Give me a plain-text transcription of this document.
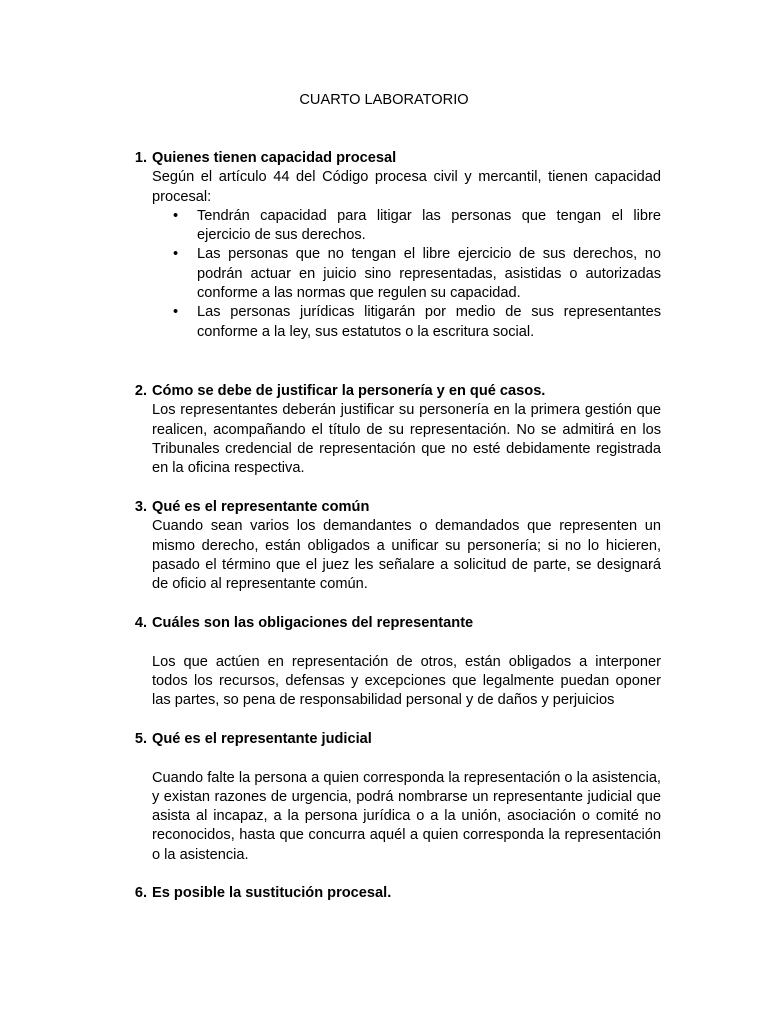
CUARTO LABORATORIO
1. Quienes tienen capacidad procesal
Según el artículo 44 del Código procesa civil y mercantil, tienen capacidad procesal:
• Tendrán capacidad para litigar las personas que tengan el libre ejercicio de sus derechos.
• Las personas que no tengan el libre ejercicio de sus derechos, no podrán actuar en juicio sino representadas, asistidas o autorizadas conforme a las normas que regulen su capacidad.
• Las personas jurídicas litigarán por medio de sus representantes conforme a la ley, sus estatutos o la escritura social.
2. Cómo se debe de justificar la personería y en qué casos.
Los representantes deberán justificar su personería en la primera gestión que realicen, acompañando el título de su representación. No se admitirá en los Tribunales credencial de representación que no esté debidamente registrada en la oficina respectiva.
3. Qué es el representante común
Cuando sean varios los demandantes o demandados que representen un mismo derecho, están obligados a unificar su personería; si no lo hicieren, pasado el término que el juez les señalare a solicitud de parte, se designará de oficio al representante común.
4. Cuáles son las obligaciones del representante
Los que actúen en representación de otros, están obligados a interponer todos los recursos, defensas y excepciones que legalmente puedan oponer las partes, so pena de responsabilidad personal y de daños y perjuicios
5. Qué es el representante judicial
Cuando falte la persona a quien corresponda la representación o la asistencia, y existan razones de urgencia, podrá nombrarse un representante judicial que asista al incapaz, a la persona jurídica o a la unión, asociación o comité no reconocidos, hasta que concurra aquél a quien corresponda la representación o la asistencia.
6. Es posible la sustitución procesal.
